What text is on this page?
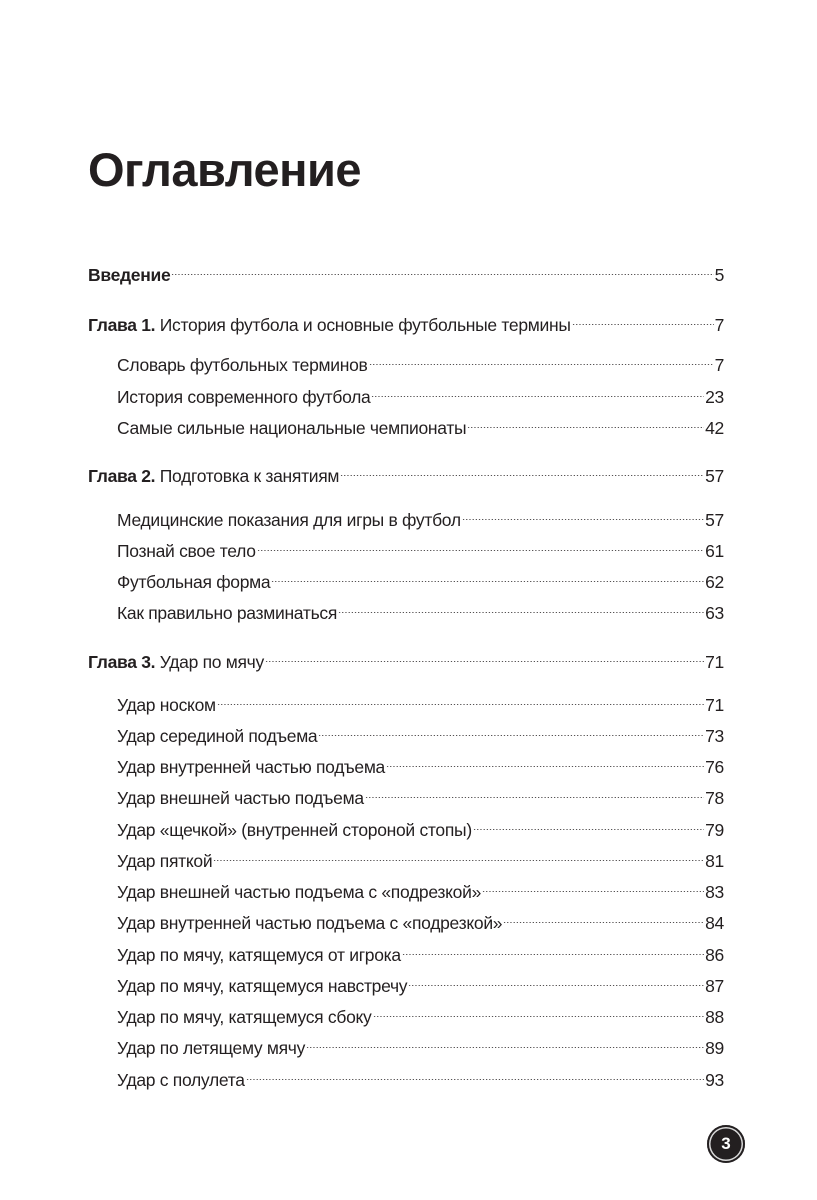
Оглавление
Введение	5
Глава 1. История футбола и основные футбольные термины	7
Словарь футбольных терминов	7
История современного футбола	23
Самые сильные национальные чемпионаты	42
Глава 2. Подготовка к занятиям	57
Медицинские показания для игры в футбол	57
Познай свое тело	61
Футбольная форма	62
Как правильно разминаться	63
Глава 3. Удар по мячу	71
Удар носком	71
Удар серединой подъема	73
Удар внутренней частью подъема	76
Удар внешней частью подъема	78
Удар «щечкой» (внутренней стороной стопы)	79
Удар пяткой	81
Удар внешней частью подъема с «подрезкой»	83
Удар внутренней частью подъема с «подрезкой»	84
Удар по мячу, катящемуся от игрока	86
Удар по мячу, катящемуся навстречу	87
Удар по мячу, катящемуся сбоку	88
Удар по летящему мячу	89
Удар с полулета	93
3
